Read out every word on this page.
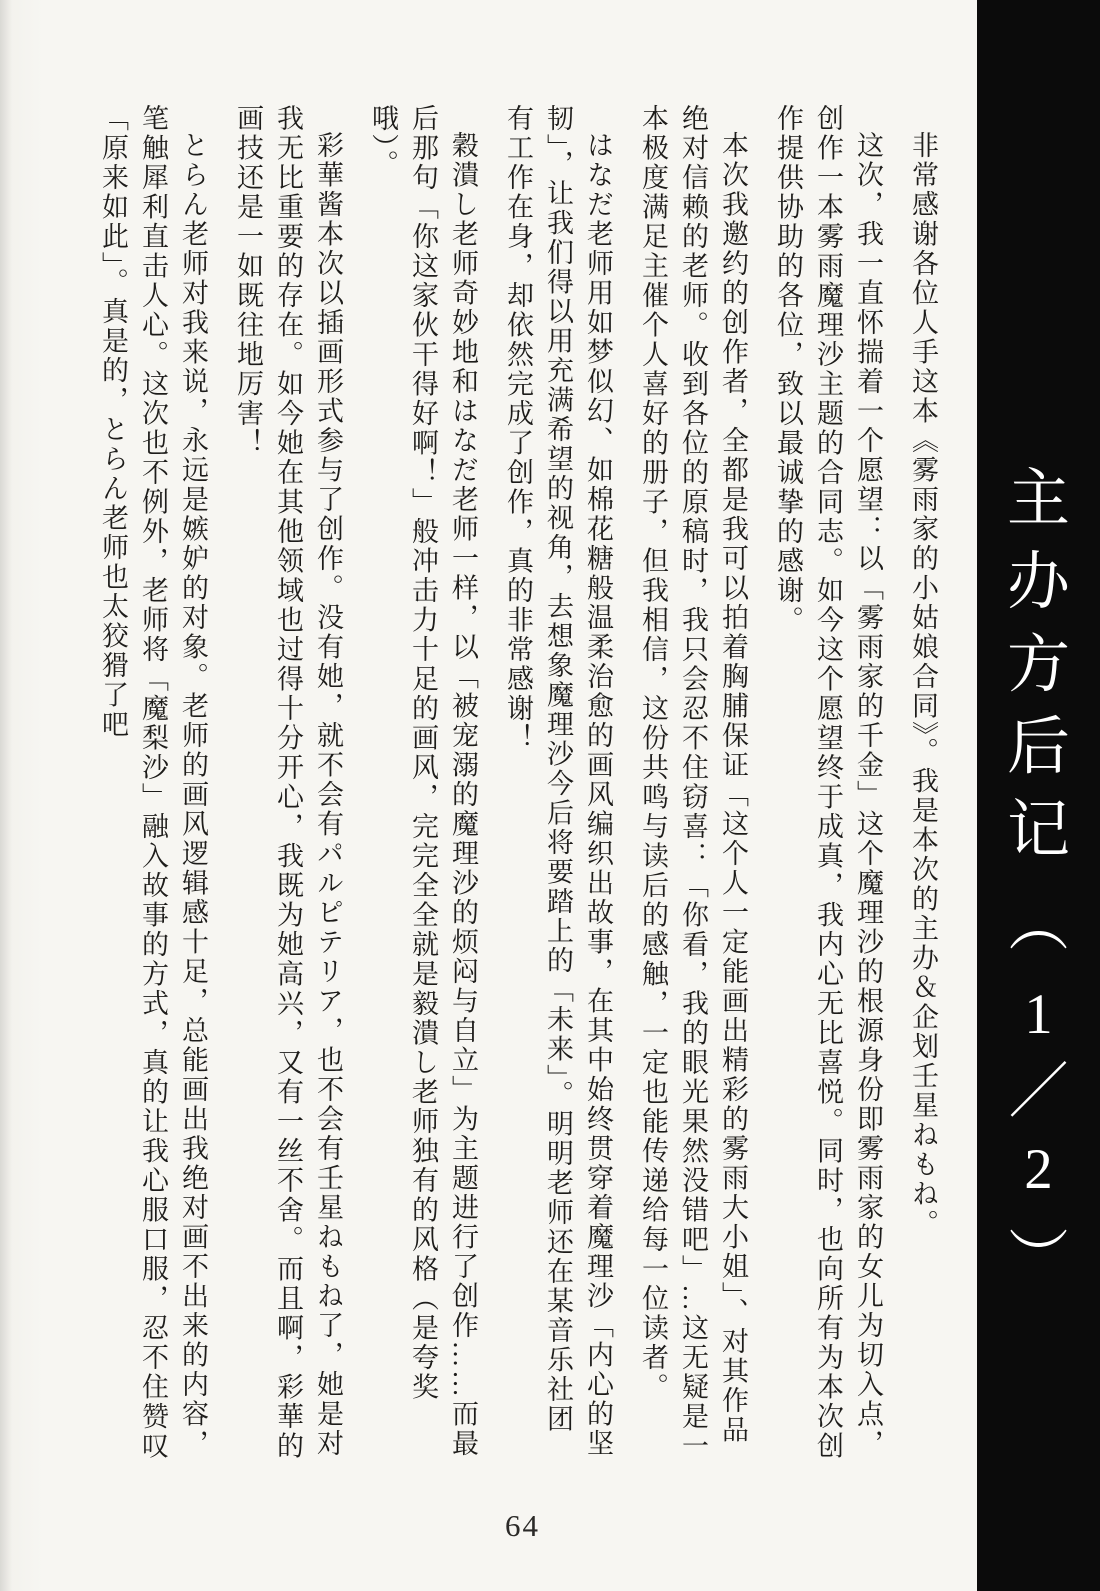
非常感谢各位人手这本《雾雨家的小姑娘合同》。我是本次的主办＆企划壬星ねもね。

这次，我一直怀揣着一个愿望：以「雾雨家的千金」这个魔理沙的根源身份即雾雨家的女儿为切入点，创作一本雾雨魔理沙主题的合同志。如今这个愿望终于成真，我内心无比喜悦。同时，也向所有为本次创作提供协助的各位，致以最诚挚的感谢。

本次我邀约的创作者，全都是我可以拍着胸脯保证「这个人一定能画出精彩的雾雨大小姐」、对其作品绝对信赖的老师。收到各位的原稿时，我只会忍不住窃喜：「你看，我的眼光果然没错吧」…这无疑是一本极度满足主催个人喜好的册子，但我相信，这份共鸣与读后的感触，一定也能传递给每一位读者。

はなだ老师用如梦似幻、如棉花糖般温柔治愈的画风编织出故事，在其中始终贯穿着魔理沙「内心的坚韧」，让我们得以用充满希望的视角，去想象魔理沙今后将要踏上的「未来」。明明老师还在某音乐社团有工作在身，却依然完成了创作，真的非常感谢！

穀潰し老师奇妙地和はなだ老师一样，以「被宠溺的魔理沙的烦闷与自立」为主题进行了创作……而最后那句「你这家伙干得好啊！」般冲击力十足的画风，完完全全就是毅潰し老师独有的风格（是夸奖哦）。

彩華酱本次以插画形式参与了创作。没有她，就不会有パルピテリア，也不会有壬星ねもね了，她是对我无比重要的存在。如今她在其他领域也过得十分开心，我既为她高兴，又有一丝不舍。而且啊，彩華的画技还是一如既往地厉害！

とらん老师对我来说，永远是嫉妒的对象。老师的画风逻辑感十足，总能画出我绝对画不出来的内容，笔触犀利直击人心。这次也不例外，老师将「魔梨沙」融入故事的方式，真的让我心服口服，忍不住赞叹「原来如此」。真是的，とらん老师也太狡猾了吧

64
主
办
方
后
记
︵
1
／
2
︶
